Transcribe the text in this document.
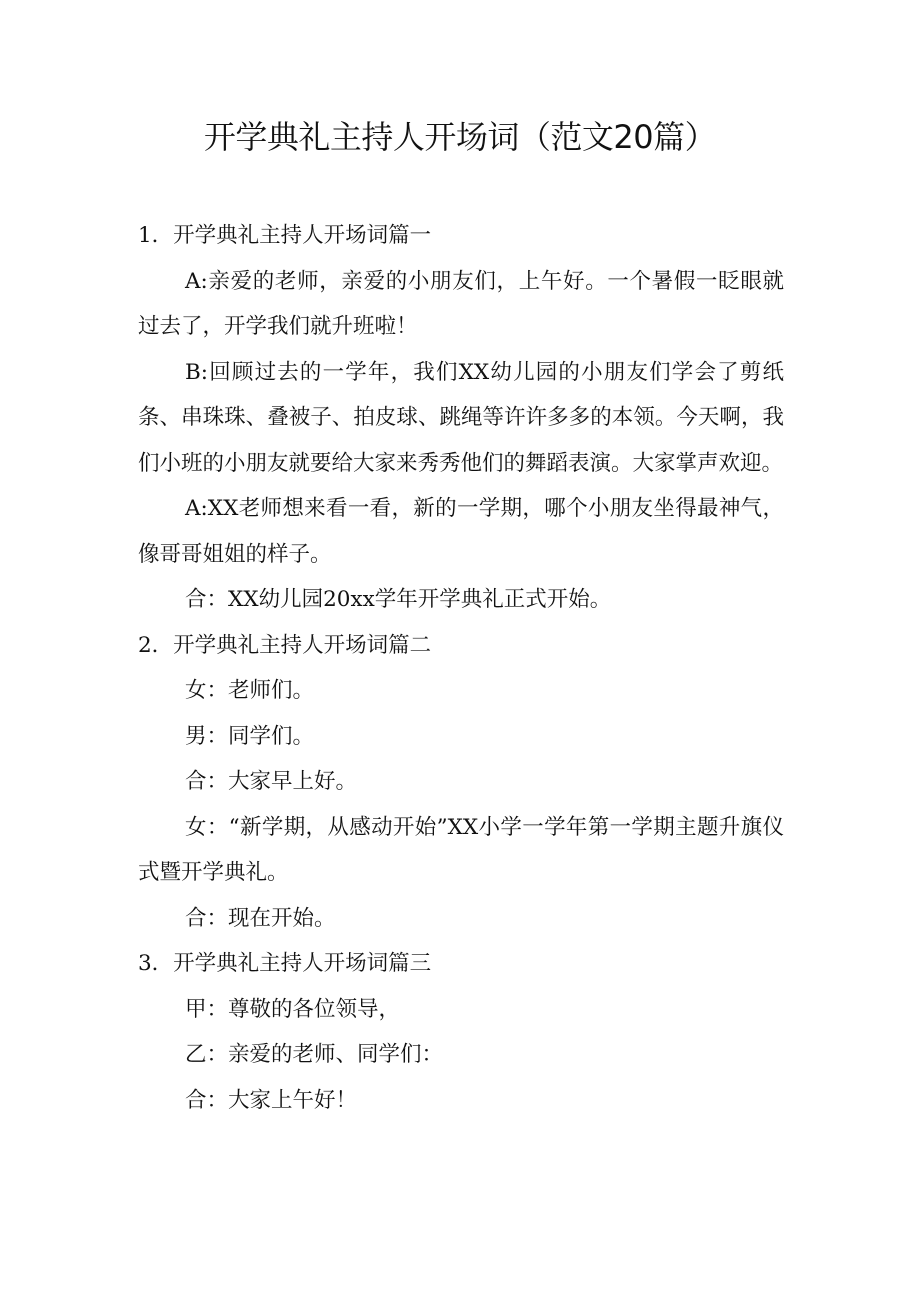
开学典礼主持人开场词（范文20篇）

1．开学典礼主持人开场词篇一

A:亲爱的老师，亲爱的小朋友们，上午好。一个暑假一眨眼就过去了，开学我们就升班啦！

B:回顾过去的一学年，我们XX幼儿园的小朋友们学会了剪纸条、串珠珠、叠被子、拍皮球、跳绳等许许多多的本领。今天啊，我们小班的小朋友就要给大家来秀秀他们的舞蹈表演。大家掌声欢迎。

A:XX老师想来看一看，新的一学期，哪个小朋友坐得最神气，像哥哥姐姐的样子。

合：XX幼儿园20xx学年开学典礼正式开始。

2．开学典礼主持人开场词篇二

女：老师们。

男：同学们。

合：大家早上好。

女：“新学期，从感动开始”XX小学一学年第一学期主题升旗仪式暨开学典礼。

合：现在开始。

3．开学典礼主持人开场词篇三

甲：尊敬的各位领导，

乙：亲爱的老师、同学们：

合：大家上午好！
